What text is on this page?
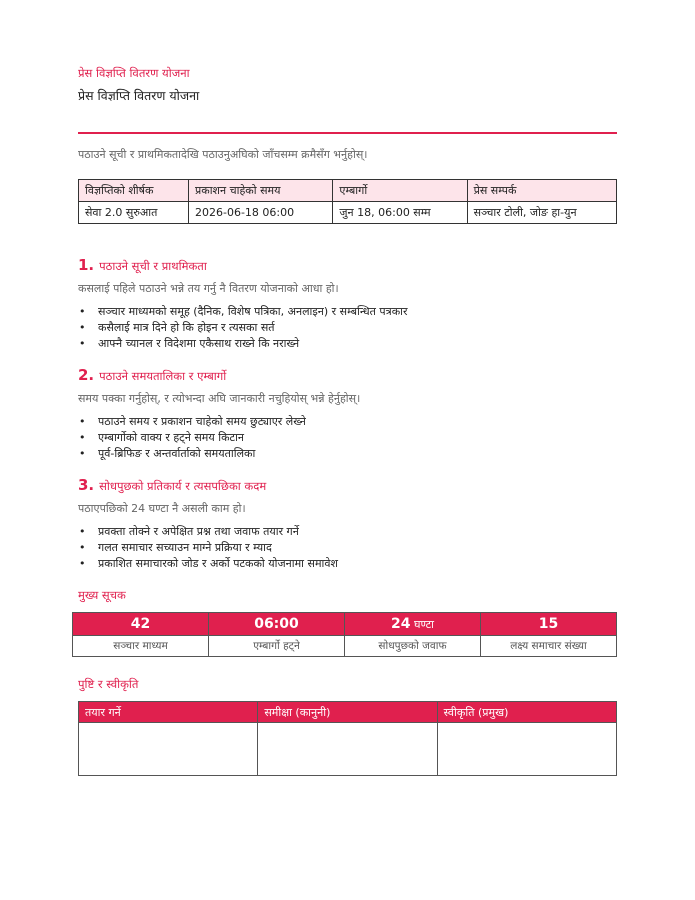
प्रेस विज्ञप्ति वितरण योजना
प्रेस विज्ञप्ति वितरण योजना
पठाउने सूची र प्राथमिकतादेखि पठाउनुअघिको जाँचसम्म क्रमैसँग भर्नुहोस्।
विज्ञप्तिको शीर्षक	प्रकाशन चाहेको समय	एम्बार्गो	प्रेस सम्पर्क
सेवा 2.0 सुरुआत	2026-06-18 06:00	जुन 18, 06:00 सम्म	सञ्चार टोली, जोङ हा-युन
1. पठाउने सूची र प्राथमिकता
कसलाई पहिले पठाउने भन्ने तय गर्नु नै वितरण योजनाको आधा हो।
• सञ्चार माध्यमको समूह (दैनिक, विशेष पत्रिका, अनलाइन) र सम्बन्धित पत्रकार
• कसैलाई मात्र दिने हो कि होइन र त्यसका सर्त
• आफ्नै च्यानल र विदेशमा एकैसाथ राख्ने कि नराख्ने
2. पठाउने समयतालिका र एम्बार्गो
समय पक्का गर्नुहोस्, र त्योभन्दा अघि जानकारी नचुहियोस् भन्ने हेर्नुहोस्।
• पठाउने समय र प्रकाशन चाहेको समय छुट्याएर लेख्ने
• एम्बार्गोको वाक्य र हट्ने समय किटान
• पूर्व-ब्रिफिङ र अन्तर्वार्ताको समयतालिका
3. सोधपुछको प्रतिकार्य र त्यसपछिका कदम
पठाएपछिको 24 घण्टा नै असली काम हो।
• प्रवक्ता तोक्ने र अपेक्षित प्रश्न तथा जवाफ तयार गर्ने
• गलत समाचार सच्याउन माग्ने प्रक्रिया र म्याद
• प्रकाशित समाचारको जोड र अर्को पटकको योजनामा समावेश
मुख्य सूचक
42	06:00	24 घण्टा	15
सञ्चार माध्यम	एम्बार्गो हट्ने	सोधपुछको जवाफ	लक्ष्य समाचार संख्या
पुष्टि र स्वीकृति
तयार गर्ने	समीक्षा (कानुनी)	स्वीकृति (प्रमुख)
